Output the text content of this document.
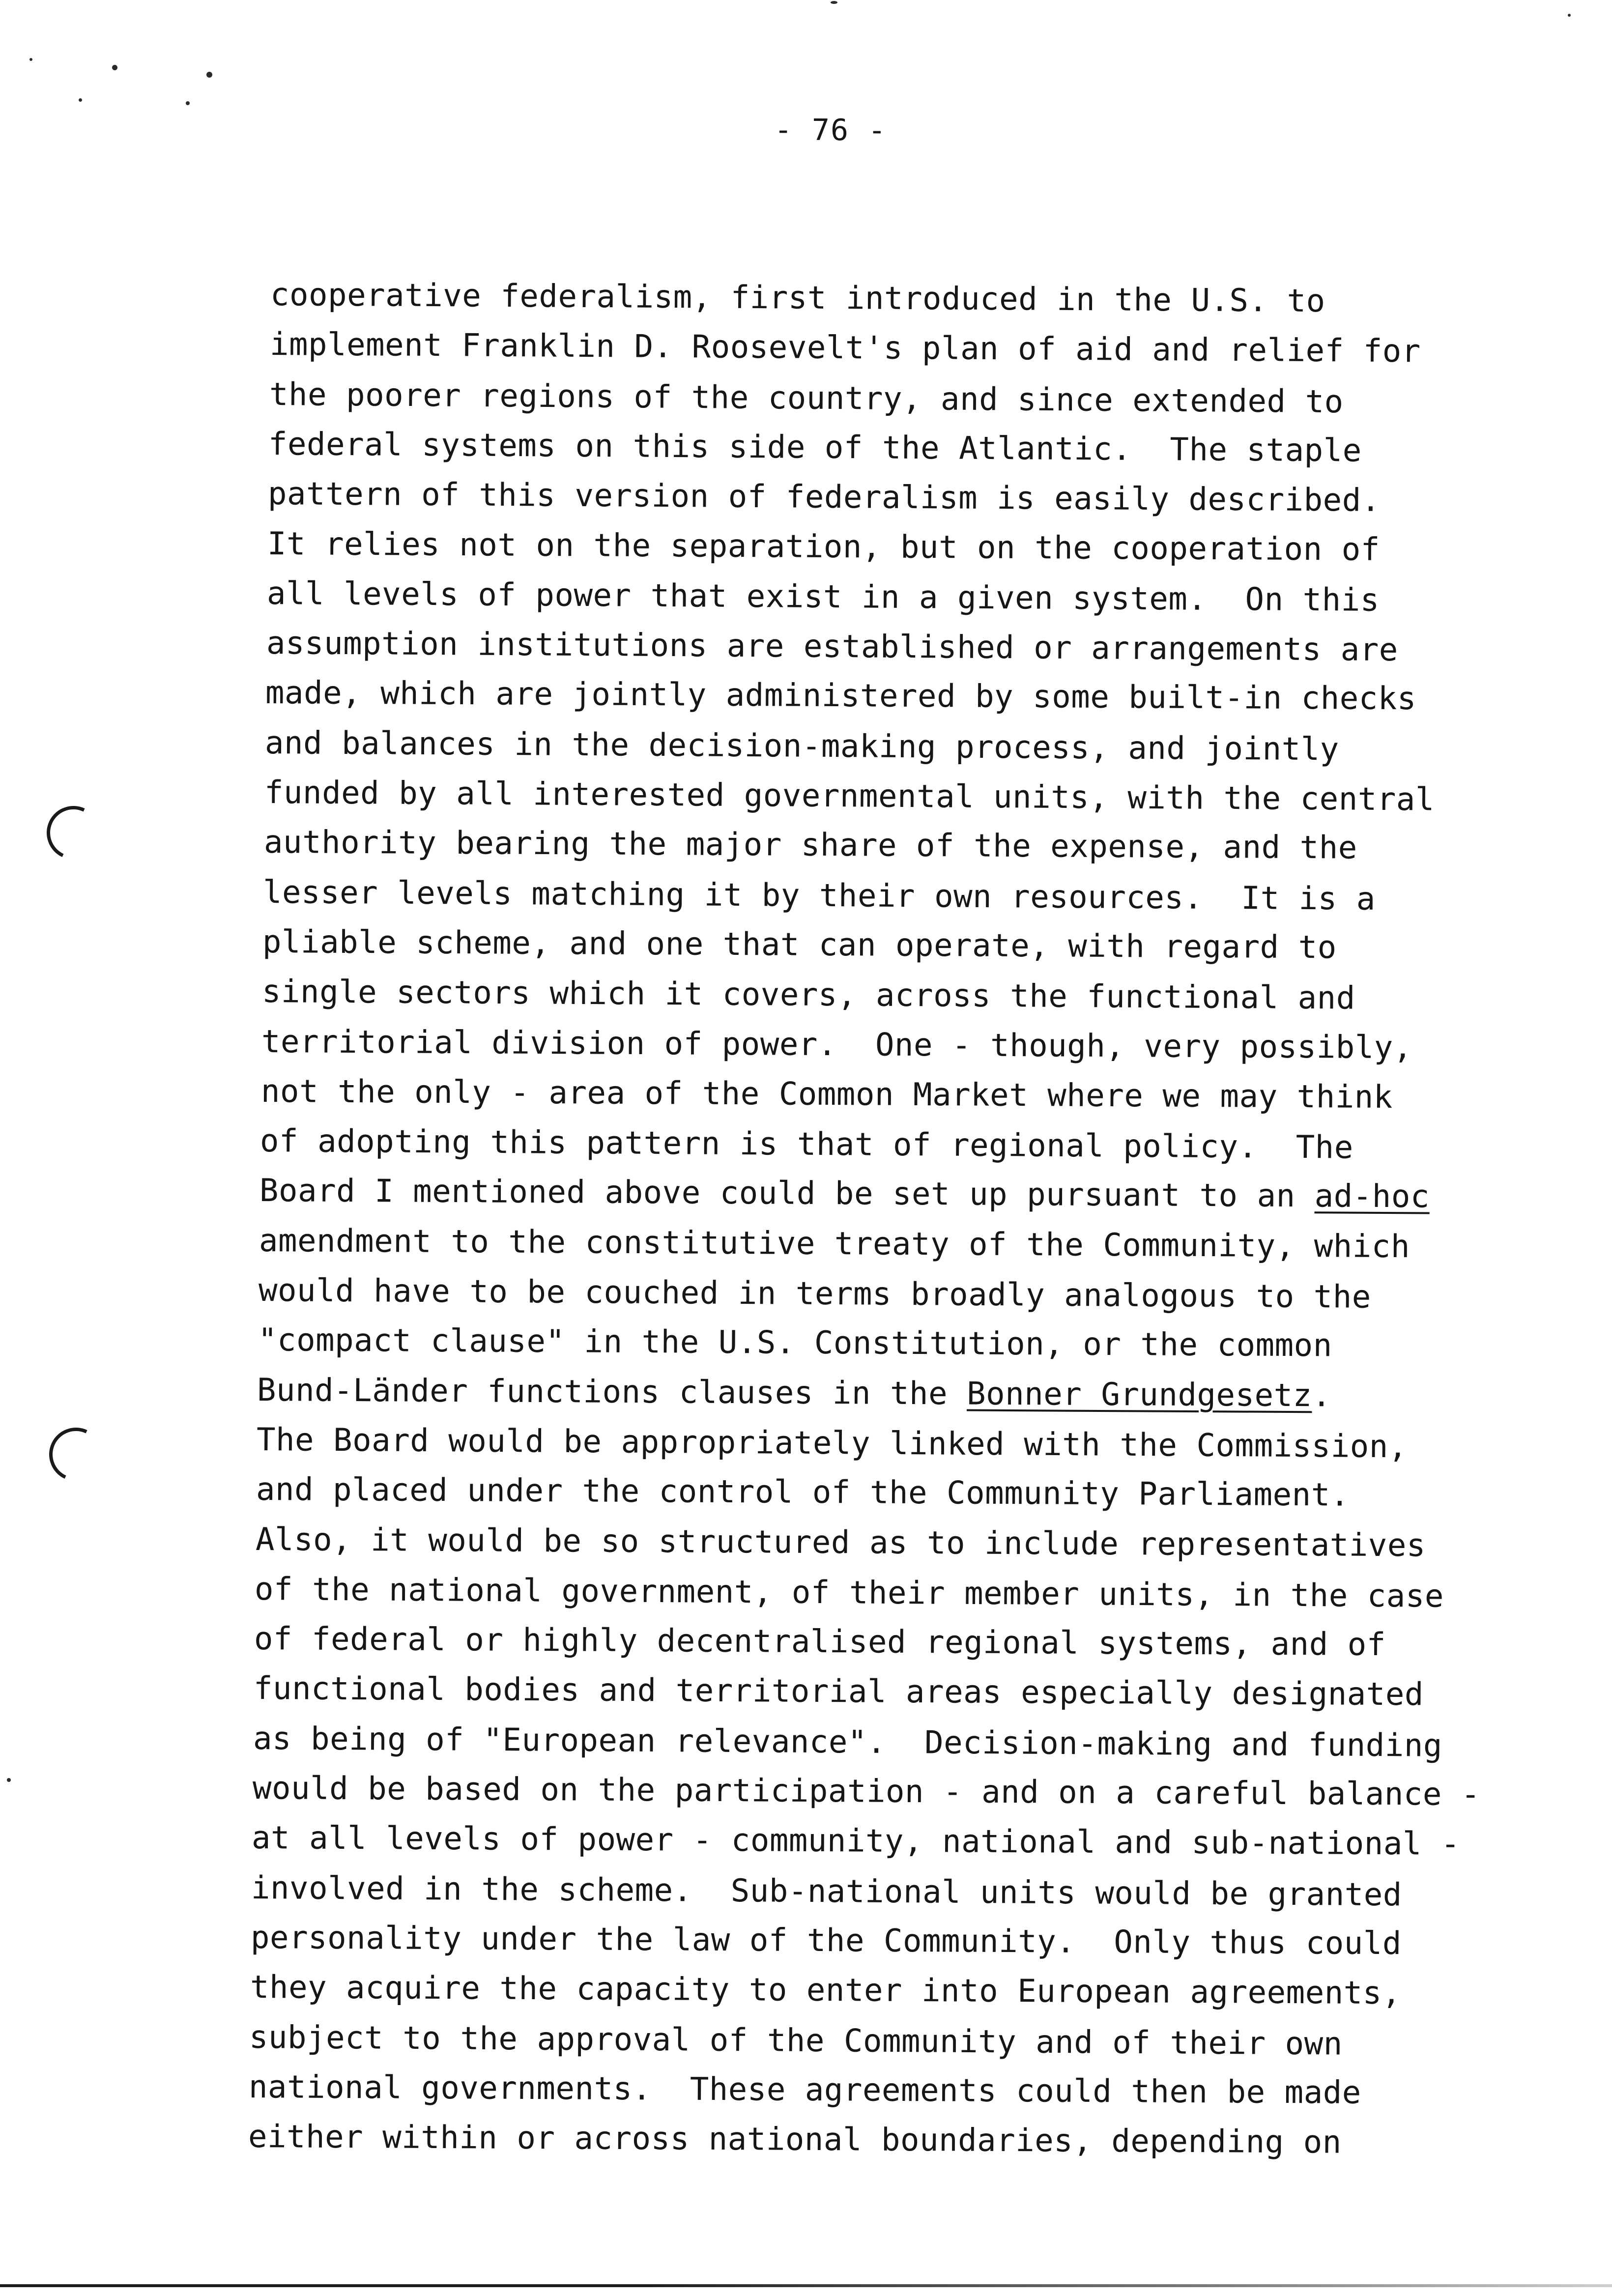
- 76 -
cooperative federalism, first introduced in the U.S. to
implement Franklin D. Roosevelt's plan of aid and relief for
the poorer regions of the country, and since extended to
federal systems on this side of the Atlantic.  The staple
pattern of this version of federalism is easily described.
It relies not on the separation, but on the cooperation of
all levels of power that exist in a given system.  On this
assumption institutions are established or arrangements are
made, which are jointly administered by some built-in checks
and balances in the decision-making process, and jointly
funded by all interested governmental units, with the central
authority bearing the major share of the expense, and the
lesser levels matching it by their own resources.  It is a
pliable scheme, and one that can operate, with regard to
single sectors which it covers, across the functional and
territorial division of power.  One - though, very possibly,
not the only - area of the Common Market where we may think
of adopting this pattern is that of regional policy.  The
Board I mentioned above could be set up pursuant to an ad-hoc
amendment to the constitutive treaty of the Community, which
would have to be couched in terms broadly analogous to the
"compact clause" in the U.S. Constitution, or the common
Bund-Länder functions clauses in the Bonner Grundgesetz.
The Board would be appropriately linked with the Commission,
and placed under the control of the Community Parliament.
Also, it would be so structured as to include representatives
of the national government, of their member units, in the case
of federal or highly decentralised regional systems, and of
functional bodies and territorial areas especially designated
as being of "European relevance".  Decision-making and funding
would be based on the participation - and on a careful balance -
at all levels of power - community, national and sub-national -
involved in the scheme.  Sub-national units would be granted
personality under the law of the Community.  Only thus could
they acquire the capacity to enter into European agreements,
subject to the approval of the Community and of their own
national governments.  These agreements could then be made
either within or across national boundaries, depending on
